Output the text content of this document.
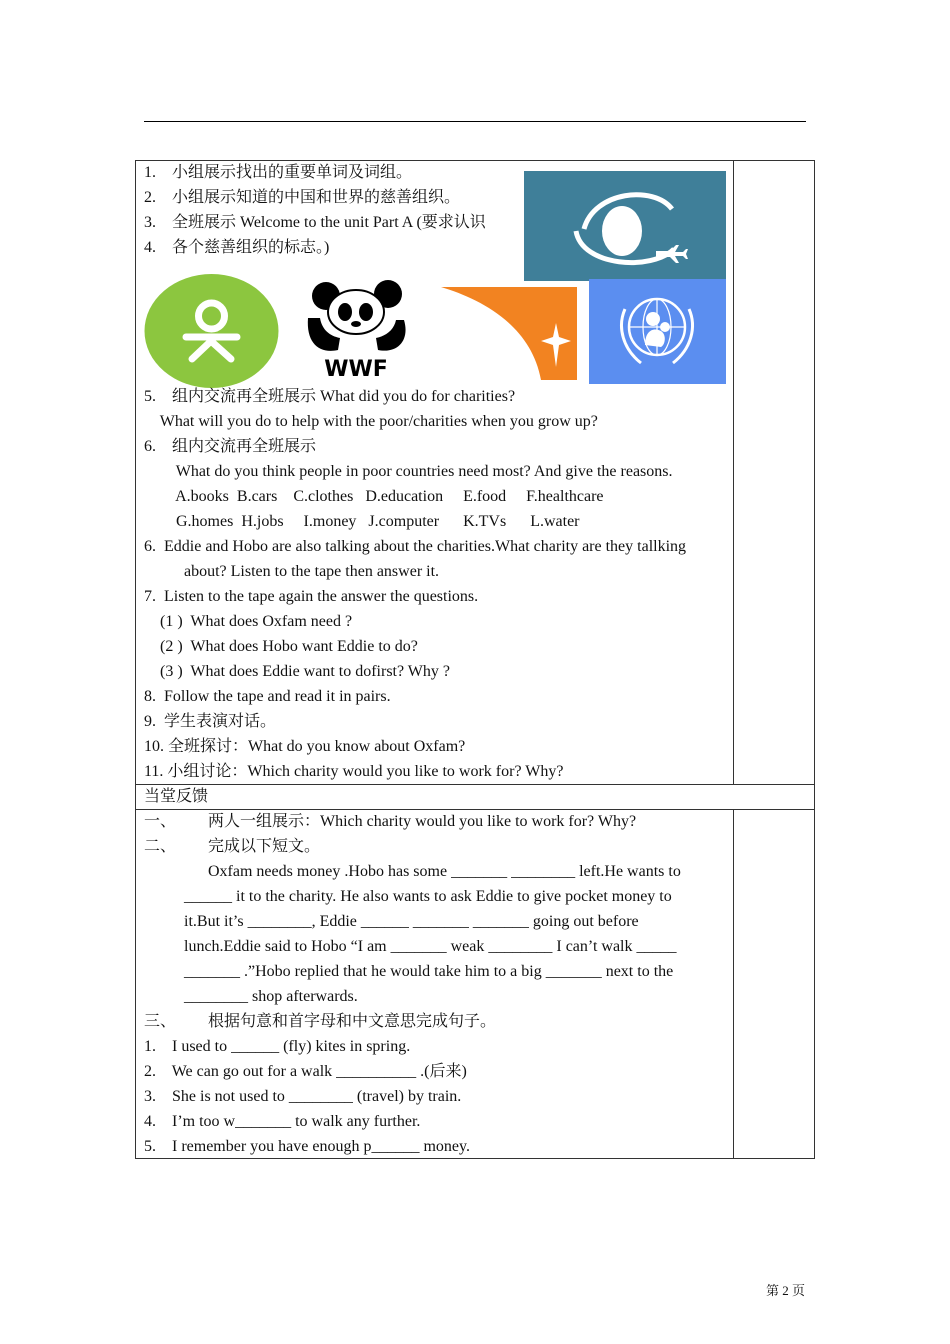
1.    小组展示找出的重要单词及词组。
2.    小组展示知道的中国和世界的慈善组织。
3.    全班展示 Welcome to the unit Part A (要求认识
4.    各个慈善组织的标志。)
WWF
5.    组内交流再全班展示 What did you do for charities?
What will you do to help with the poor/charities when you grow up?
6.    组内交流再全班展示
What do you think people in poor countries need most? And give the reasons.
A.books  B.cars    C.clothes   D.education     E.food     F.healthcare
G.homes  H.jobs     I.money   J.computer      K.TVs      L.water
6.  Eddie and Hobo are also talking about the charities.What charity are they tallking
about? Listen to the tape then answer it.
7.  Listen to the tape again the answer the questions.
(1 )  What does Oxfam need ?
(2 )  What does Hobo want Eddie to do?
(3 )  What does Eddie want to dofirst? Why ?
8.  Follow the tape and read it in pairs.
9.  学生表演对话。
10. 全班探讨：What do you know about Oxfam?
11. 小组讨论：Which charity would you like to work for? Why?
当堂反馈
一、        两人一组展示：Which charity would you like to work for? Why?
二、        完成以下短文。
Oxfam needs money .Hobo has some _______ ________ left.He wants to
______ it to the charity. He also wants to ask Eddie to give pocket money to
it.But it’s ________, Eddie ______ _______ _______ going out before
lunch.Eddie said to Hobo “I am _______ weak ________ I can’t walk _____
_______ .”Hobo replied that he would take him to a big _______ next to the
________ shop afterwards.
三、        根据句意和首字母和中文意思完成句子。
1.    I used to ______ (fly) kites in spring.
2.    We can go out for a walk __________ .(后来)
3.    She is not used to ________ (travel) by train.
4.    I’m too w_______ to walk any further.
5.    I remember you have enough p______ money.
第 2 页
